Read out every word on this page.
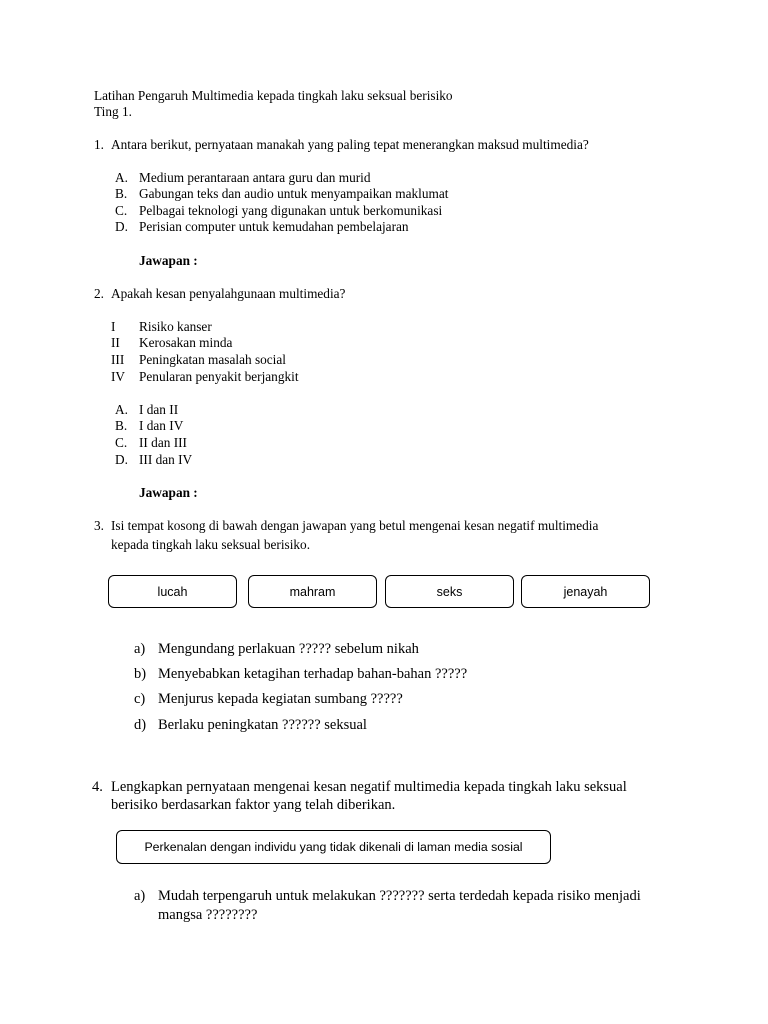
Latihan Pengaruh Multimedia kepada tingkah laku seksual berisiko
Ting 1.
1. Antara berikut, pernyataan manakah yang paling tepat menerangkan maksud multimedia?
A. Medium perantaraan antara guru dan murid
B. Gabungan teks dan audio untuk menyampaikan maklumat
C. Pelbagai teknologi yang digunakan untuk berkomunikasi
D. Perisian computer untuk kemudahan pembelajaran
Jawapan :
2. Apakah kesan penyalahgunaan multimedia?
I	Risiko kanser
II	Kerosakan minda
III	Peningkatan masalah social
IV	Penularan penyakit berjangkit
A. I dan II
B. I dan IV
C. II dan III
D. III dan IV
Jawapan :
3. Isi tempat kosong di bawah dengan jawapan yang betul mengenai kesan negatif multimedia
kepada tingkah laku seksual berisiko.
lucah	mahram	seks	jenayah
a) Mengundang perlakuan ????? sebelum nikah
b) Menyebabkan ketagihan terhadap bahan-bahan ?????
c) Menjurus kepada kegiatan sumbang ?????
d) Berlaku peningkatan ?????? seksual
4. Lengkapkan pernyataan mengenai kesan negatif multimedia kepada tingkah laku seksual
berisiko berdasarkan faktor yang telah diberikan.
Perkenalan dengan individu yang tidak dikenali di laman media sosial
a) Mudah terpengaruh untuk melakukan ??????? serta terdedah kepada risiko menjadi
mangsa ????????
